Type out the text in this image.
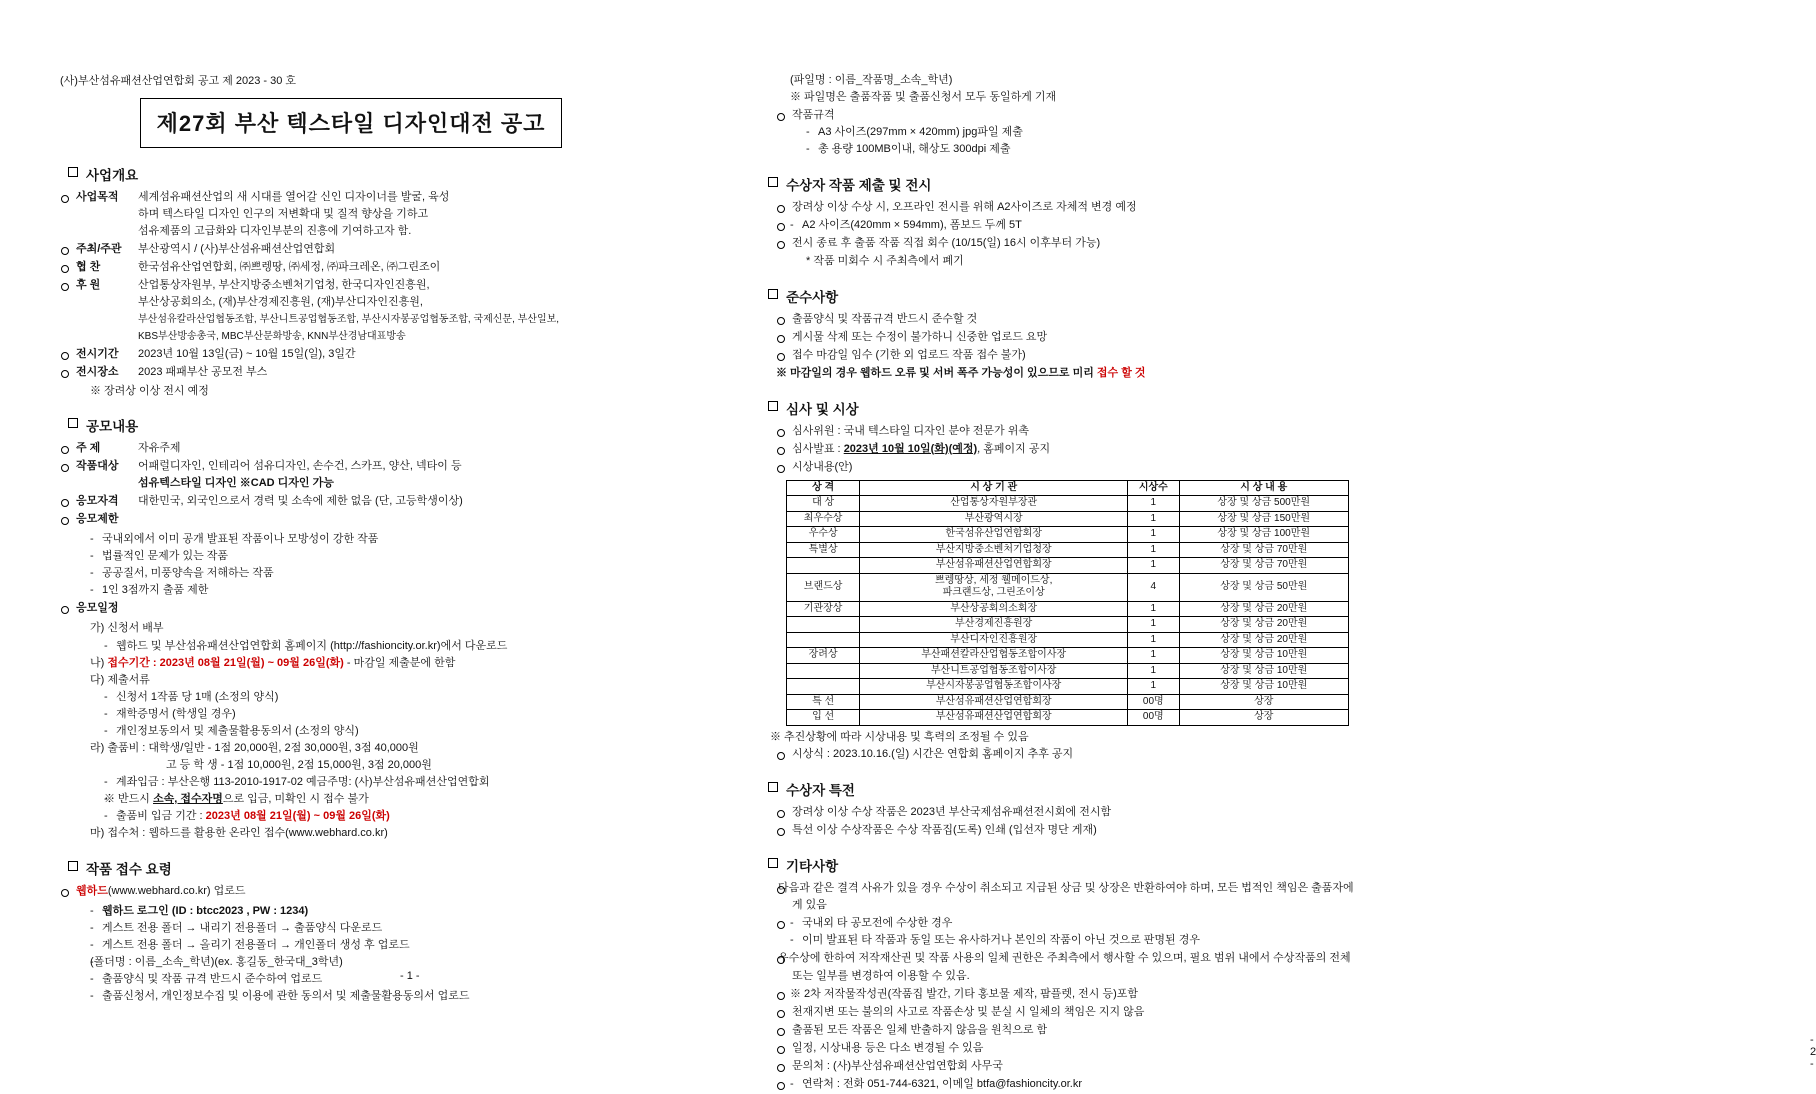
(사)부산섬유패션산업연합회 공고 제 2023 - 30 호
제27회 부산 텍스타일 디자인대전 공고
사업개요
사업목적 세계섬유패션산업의 새 시대를 열어갈 신인 디자이너를 발굴, 육성
하며 텍스타일 디자인 인구의 저변확대 및 질적 향상을 기하고
섬유제품의 고급화와 디자인부분의 진흥에 기여하고자 함.
주최/주관 부산광역시 / (사)부산섬유패션산업연합회
협 찬	한국섬유산업연합회, ㈜쁘렝땅, ㈜세정, ㈜파크레온, ㈜그린조이
후 원	산업통상자원부, 부산지방중소벤처기업청, 한국디자인진흥원,
부산상공회의소, (재)부산경제진흥원, (재)부산디자인진흥원,
부산섬유칼라산업협동조합, 부산니트공업협동조합, 부산시자봉공업협동조합, 국제신문, 부산일보,
KBS부산방송총국, MBC부산문화방송, KNN부산경남대표방송
전시기간 2023년 10월 13일(금) ~ 10월 15일(일), 3일간
전시장소 2023 패패부산 공모전 부스
※ 장려상 이상 전시 예정
공모내용
주 제	자유주제
작품대상 어패럴디자인, 인테리어 섬유디자인, 손수건, 스카프, 양산, 넥타이 등
섬유텍스타일 디자인 ※CAD 디자인 가능
응모자격 대한민국, 외국인으로서 경력 및 소속에 제한 없음 (단, 고등학생이상)
응모제한
- 국내외에서 이미 공개 발표된 작품이나 모방성이 강한 작품
- 법률적인 문제가 있는 작품
- 공공질서, 미풍양속을 저해하는 작품
- 1인 3점까지 출품 제한
응모일정
가) 신청서 배부
- 웹하드 및 부산섬유패션산업연합회 홈페이지 (http://fashioncity.or.kr)에서 다운로드
나) 접수기간 : 2023년 08월 21일(월) ~ 09월 26일(화) - 마감일 제출분에 한함
다) 제출서류
- 신청서 1작품 당 1매 (소정의 양식)
- 재학증명서 (학생일 경우)
- 개인정보동의서 및 제출물활용동의서 (소정의 양식)
라) 출품비 : 대학생/일반 - 1점 20,000원, 2점 30,000원, 3점 40,000원
고 등 학 생 - 1점 10,000원, 2점 15,000원, 3점 20,000원
- 계좌입금 : 부산은행 113-2010-1917-02 예금주명: (사)부산섬유패션산업연합회
- ※ 반드시 소속, 접수자명으로 입금, 미확인 시 접수 불가
- 출품비 입금 기간 : 2023년 08월 21일(월) ~ 09월 26일(화)
마) 접수처 : 웹하드를 활용한 온라인 접수(www.webhard.co.kr)
작품 접수 요령
웹하드(www.webhard.co.kr) 업로드
- 웹하드 로그인 (ID : btcc2023 , PW : 1234)
- 게스트 전용 폴더 → 내리기 전용폴더 → 출품양식 다운로드
- 게스트 전용 폴더 → 올리기 전용폴더 → 개인폴더 생성 후 업로드
- (폴더명 : 이름_소속_학년)(ex. 홍길동_한국대_3학년)
- 출품양식 및 작품 규격 반드시 준수하여 업로드
- 출품신청서, 개인정보수집 및 이용에 관한 동의서 및 제출물활용동의서 업로드
- 1 -
(파일명 : 이름_작품명_소속_학년)
※ 파일명은 출품작품 및 출품신청서 모두 동일하게 기재
작품규격
- A3 사이즈(297mm × 420mm) jpg파일 제출
- 총 용량 100MB이내, 해상도 300dpi 제출
수상자 작품 제출 및 전시
장려상 이상 수상 시, 오프라인 전시를 위해 A2사이즈로 자체적 변경 예정
- A2 사이즈(420mm × 594mm), 폼보드 두께 5T
전시 종료 후 출품 작품 직접 회수 (10/15(일) 16시 이후부터 가능)
* 작품 미회수 시 주최측에서 폐기
준수사항
출품양식 및 작품규격 반드시 준수할 것
게시물 삭제 또는 수정이 불가하니 신중한 업로드 요망
접수 마감일 임수 (기한 외 업로드 작품 접수 불가)
※ 마감일의 경우 웹하드 오류 및 서버 폭주 가능성이 있으므로 미리 접수 할 것
심사 및 시상
심사위원 : 국내 텍스타일 디자인 분야 전문가 위촉
심사발표 : 2023년 10월 10일(화)(예정), 홈페이지 공지
시상내용(안)
상 격	시 상 기 관	시상수	시 상 내 용
대 상	산업통상자원부장관	1	상장 및 상금 500만원
최우수상	부산광역시장	1	상장 및 상금 150만원
우수상	한국섬유산업연합회장	1	상장 및 상금 100만원
특별상	부산지방중소벤처기업청장	1	상장 및 상금 70만원
	부산섬유패션산업연합회장	1	상장 및 상금 70만원
브랜드상	쁘렝땅상, 세정 웰메이드상,
파크랜드상, 그린조이상	4	상장 및 상금 50만원
기관장상	부산상공회의소회장	1	상장 및 상금 20만원
	부산경제진흥원장	1	상장 및 상금 20만원
	부산디자인진흥원장	1	상장 및 상금 20만원
장려상	부산패션칼라산업협동조합이사장	1	상장 및 상금 10만원
	부산니트공업협동조합이사장	1	상장 및 상금 10만원
	부산시자봉공업협동조합이사장	1	상장 및 상금 10만원
특 선	부산섬유패션산업연합회장	00명	상장
입 선	부산섬유패션산업연합회장	00명	상장
※ 추진상황에 따라 시상내용 및 흑력의 조정될 수 있음
시상식 : 2023.10.16.(일) 시간은 연합회 홈페이지 추후 공지
수상자 특전
장려상 이상 수상 작품은 2023년 부산국제섬유패션전시회에 전시함
특선 이상 수상작품은 수상 작품집(도록) 인쇄 (입선자 명단 게재)
기타사항
다음과 같은 결격 사유가 있을 경우 수상이 취소되고 지급된 상금 및 상장은 반환하여야 하며, 모든 법적인 책임은 출품자에게 있음
- 국내외 타 공모전에 수상한 경우
- 이미 발표된 타 작품과 동일 또는 유사하거나 본인의 작품이 아닌 것으로 판명된 경우
우수상에 한하여 저작재산권 및 작품 사용의 일체 권한은 주최측에서 행사할 수 있으며, 필요 범위 내에서 수상작품의 전체 또는 일부를 변경하여 이용할 수 있음.
※ 2차 저작물작성권(작품집 발간, 기타 홍보물 제작, 팜플렛, 전시 등)포함
천재지변 또는 불의의 사고로 작품손상 및 분실 시 일체의 책임은 지지 않음
출품된 모든 작품은 일체 반출하지 않음을 원칙으로 함
일정, 시상내용 등은 다소 변경될 수 있음
문의처 : (사)부산섬유패션산업연합회 사무국
- 연락처 : 전화 051-744-6321, 이메일 btfa@fashioncity.or.kr
- 2 -
